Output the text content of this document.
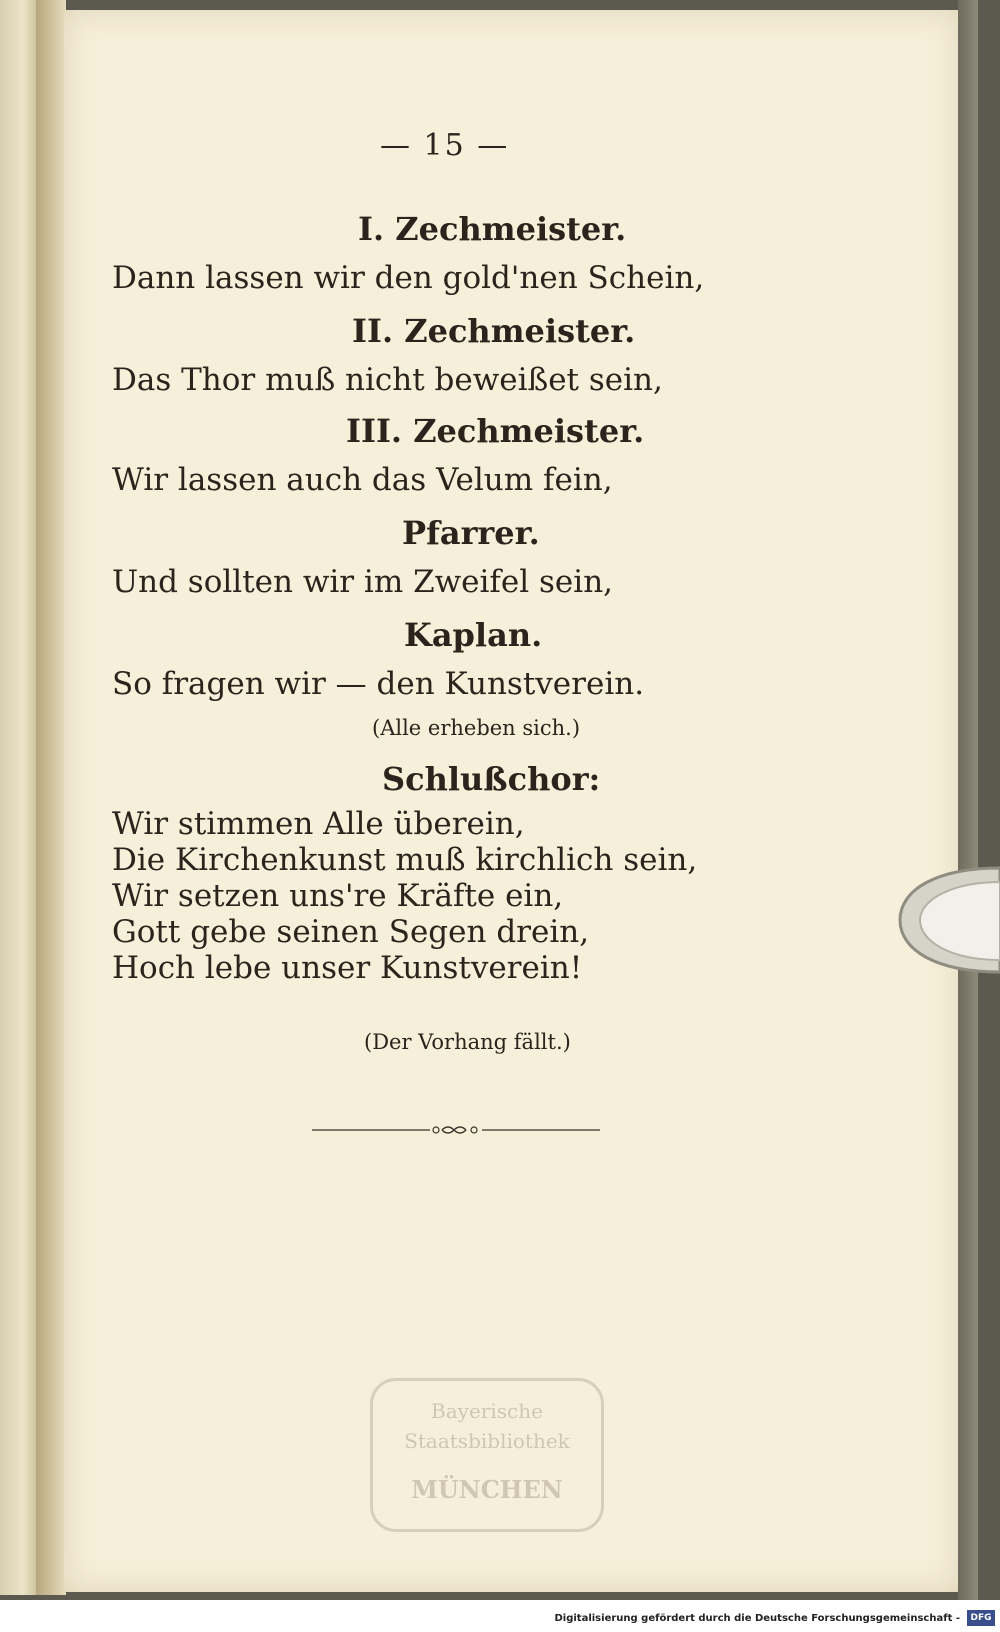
— 15 —
I. Zechmeister.
Dann lassen wir den gold'nen Schein,
II. Zechmeister.
Das Thor muß nicht beweißet sein,
III. Zechmeister.
Wir lassen auch das Velum fein,
Pfarrer.
Und sollten wir im Zweifel sein,
Kaplan.
So fragen wir — den Kunstverein.
(Alle erheben sich.)
Schlußchor:
Wir stimmen Alle überein,
Die Kirchenkunst muß kirchlich sein,
Wir setzen uns're Kräfte ein,
Gott gebe seinen Segen drein,
Hoch lebe unser Kunstverein!
(Der Vorhang fällt.)
Bayerische
Staatsbibliothek
MÜNCHEN
Digitalisierung gefördert durch die Deutsche Forschungsgemeinschaft -	DFG
